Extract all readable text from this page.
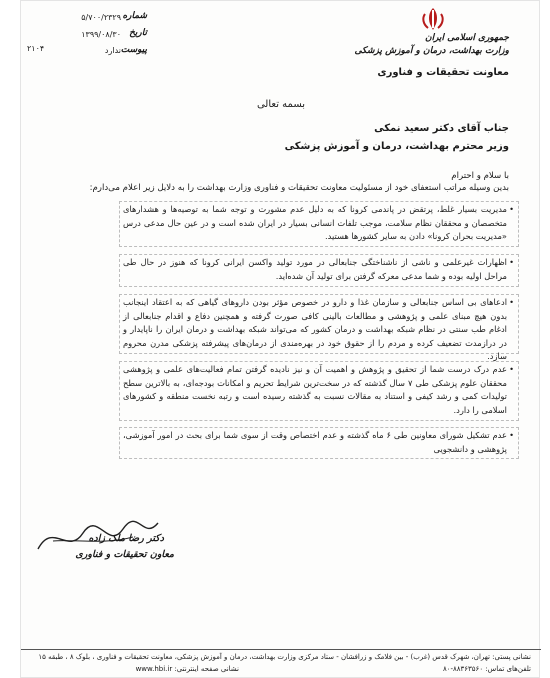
جمهوری اسلامی ایران
وزارت بهداشت، درمان و آموزش پزشکی
معاونت تحقیقات و فناوری
شماره
۵/۷۰۰/۲۳۲۹
تاریخ
۱۳۹۹/۰۸/۳۰
پیوست
ندارد
۲۱۰۴
بسمه تعالی
جناب آقای دکتر سعید نمکی
وزیر محترم بهداشت، درمان و آموزش پزشکی
با سلام و احترام
بدین وسیله مراتب استعفای خود از مسئولیت معاونت تحقیقات و فناوری وزارت بهداشت را به دلایل زیر اعلام می‌دارم:
• مدیریت بسیار غلط، پرتقض در پاندمی کرونا که به دلیل عدم مشورت و توجه شما به توصیه‌ها و هشدارهای متخصصان و محققان نظام سلامت، موجب تلفات انسانی بسیار در ایران شده است و در عین حال مدعی درس «مدیریت بحران کرونا» دادن به سایر کشورها هستید.
• اظهارات غیرعلمی و ناشی از ناشناختگی جنابعالی در مورد تولید واکسن ایرانی کرونا که هنوز در حال طی مراحل اولیه بوده و شما مدعی معرکه گرفتن برای تولید آن شده‌اید.
• ادعاهای بی اساس جنابعالی و سازمان غذا و دارو در خصوص مؤثر بودن داروهای گیاهی که به اعتقاد اینجانب بدون هیچ مبنای علمی و پژوهشی و مطالعات بالینی کافی صورت گرفته و همچنین دفاع و اقدام جنابعالی از ادغام طب سنتی در نظام شبکه بهداشت و درمان کشور که می‌تواند شبکه بهداشت و درمان ایران را ناپایدار و در درازمدت تضعیف کرده و مردم را از حقوق خود در بهره‌مندی از درمان‌های پیشرفته پزشکی مدرن محروم سازد.
• عدم درک درست شما از تحقیق و پژوهش و اهمیت آن و نیز نادیده گرفتن تمام فعالیت‌های علمی و پژوهشی محققان علوم پزشکی طی ۷ سال گذشته که در سخت‌ترین شرایط تحریم و امکانات بودجه‌ای، به بالاترین سطح تولیدات کمی و رشد کیفی و استناد به مقالات نسبت به گذشته رسیده است و رتبه نخست منطقه و کشورهای اسلامی را دارد.
• عدم تشکیل شورای معاونین طی ۶ ماه گذشته و عدم اختصاص وقت از سوی شما برای بحث در امور آموزشی، پژوهشی و دانشجویی
دکتر رضا ملک زاده
معاون تحقیقات و فناوری
نشانی پستی: تهران، شهرک قدس (غرب) - بین فلامک و زرافشان - ستاد مرکزی وزارت بهداشت، درمان و آموزش پزشکی، معاونت تحقیقات و فناوری ، بلوک ۸ ، طبقه ۱۵
تلفن‌های تماس: ۸۸۳۶۳۵۶۰-۸۰
نشانی صفحه اینترنتی: www.hbi.ir
